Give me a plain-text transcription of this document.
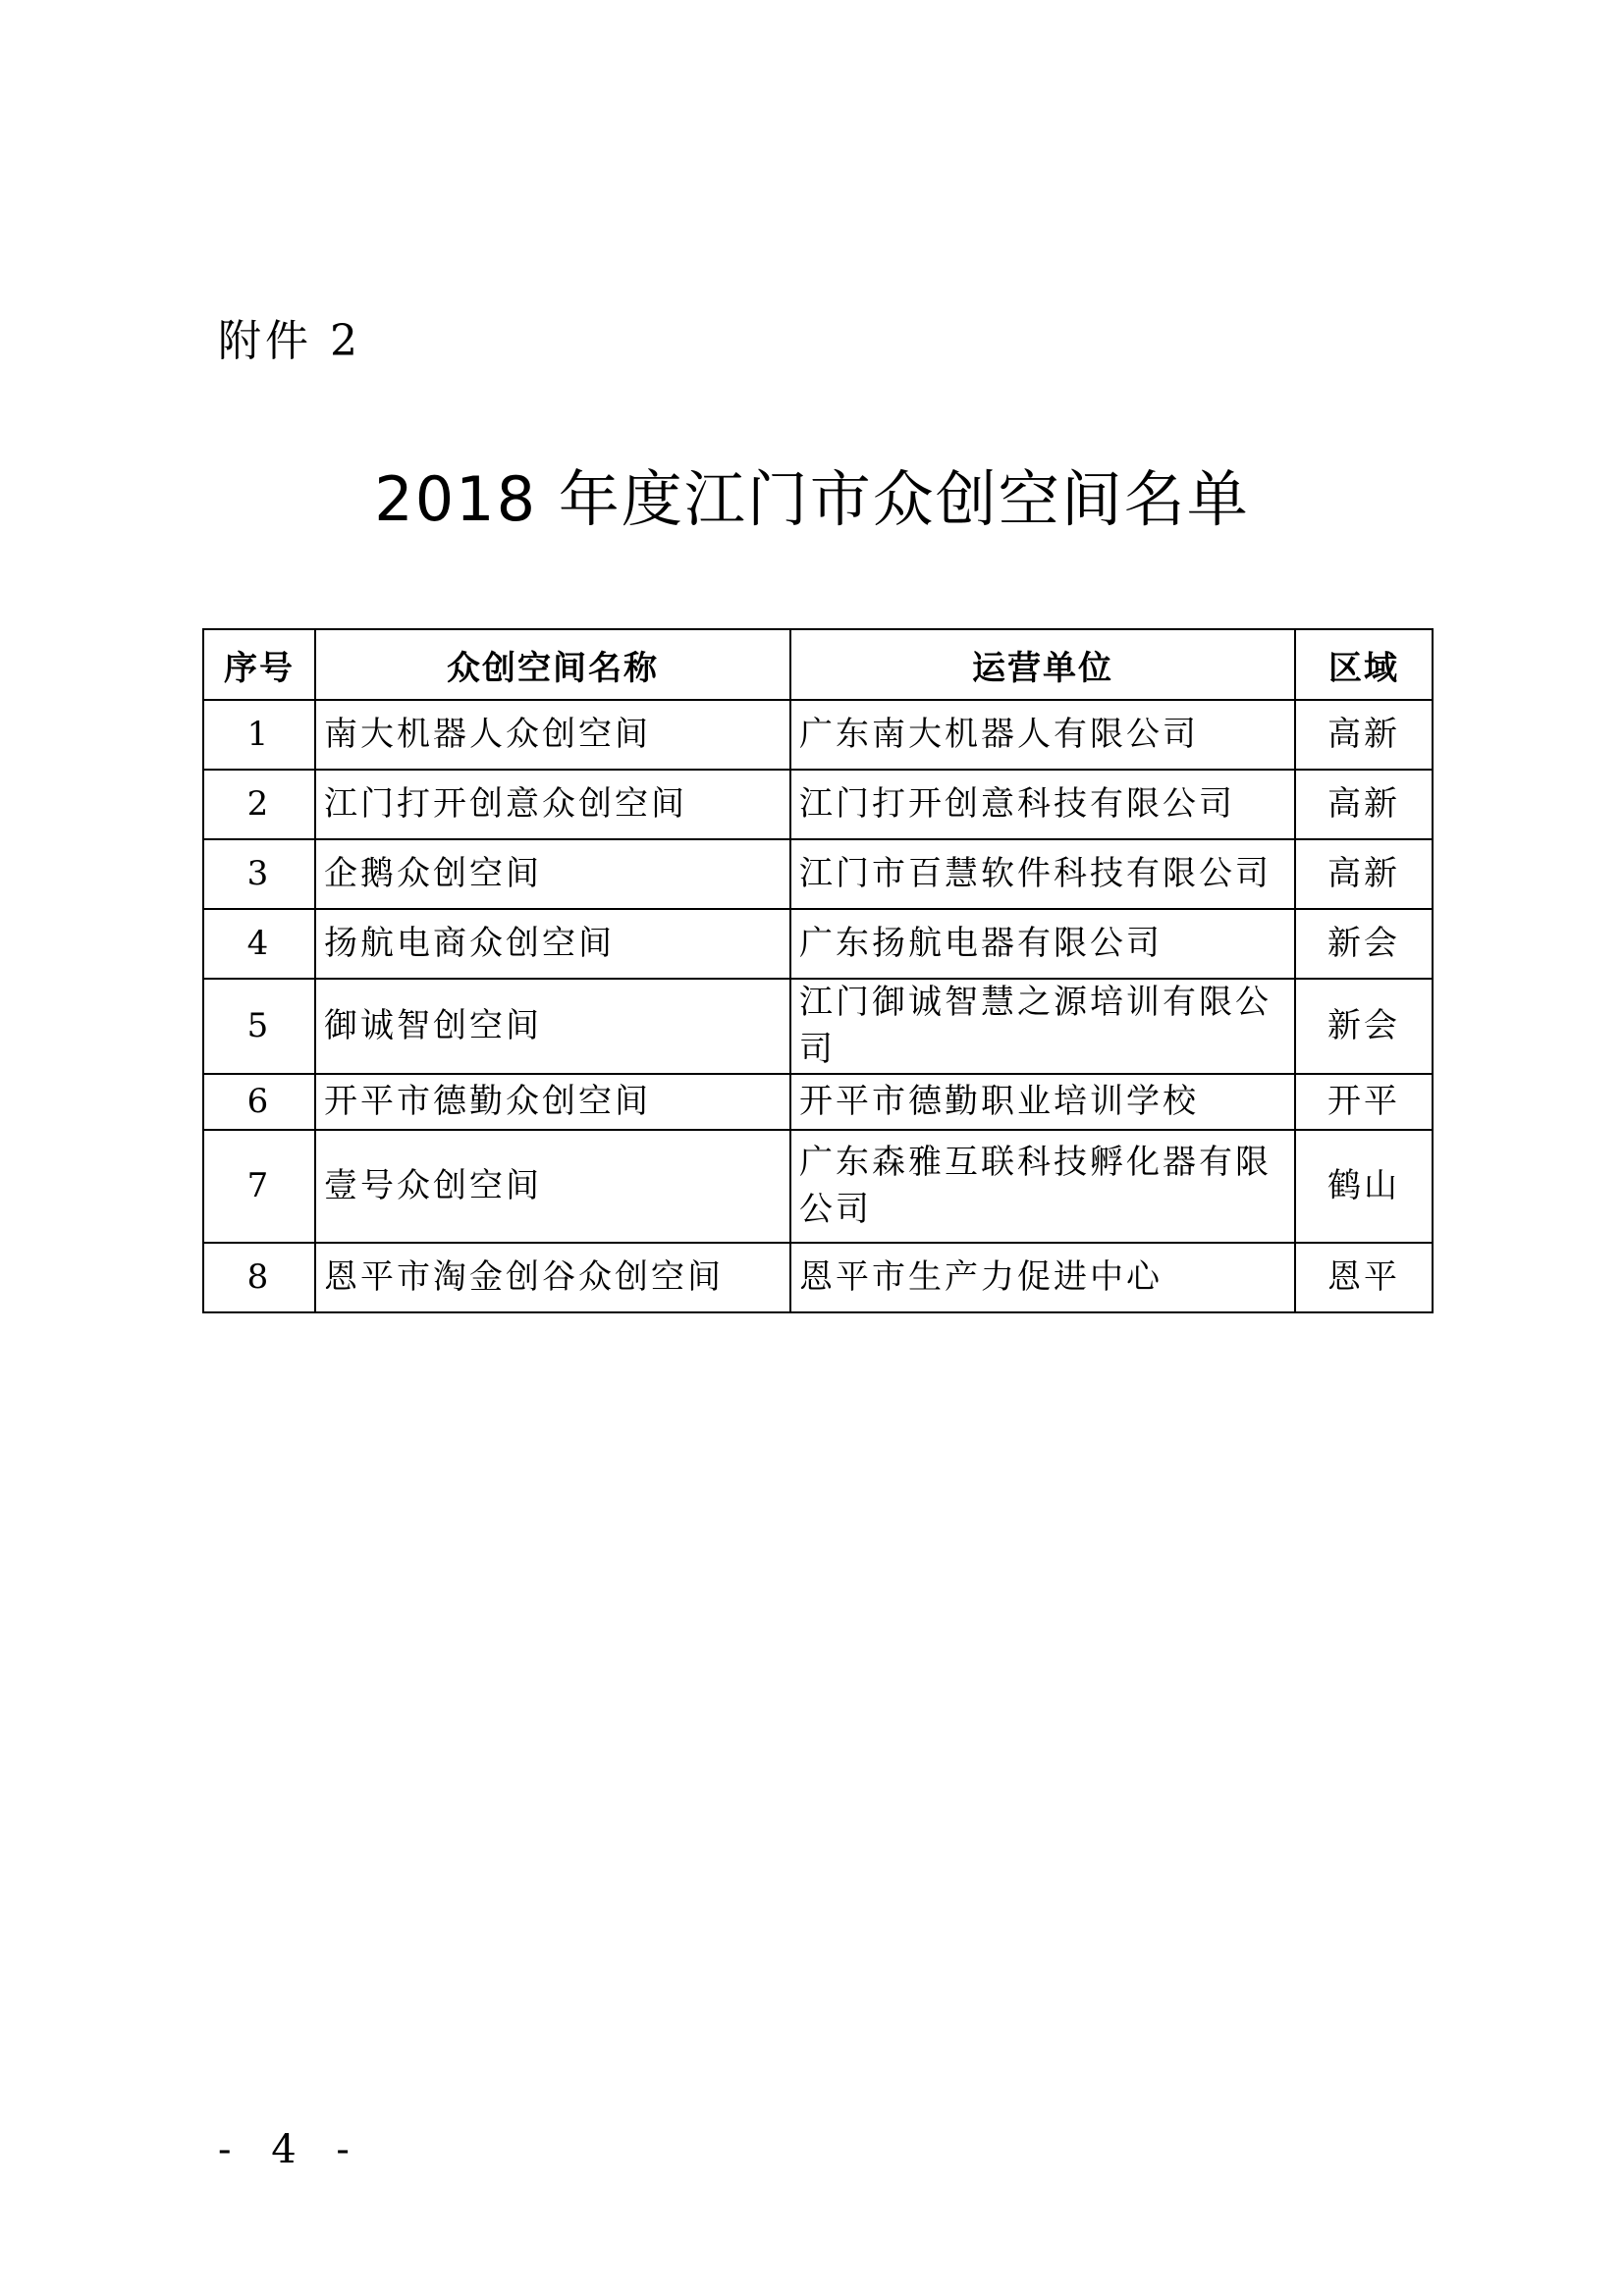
附件 2
2018 年度江门市众创空间名单
序号	众创空间名称	运营单位	区域
1	南大机器人众创空间	广东南大机器人有限公司	高新
2	江门打开创意众创空间	江门打开创意科技有限公司	高新
3	企鹅众创空间	江门市百慧软件科技有限公司	高新
4	扬航电商众创空间	广东扬航电器有限公司	新会
5	御诚智创空间	江门御诚智慧之源培训有限公司	新会
6	开平市德勤众创空间	开平市德勤职业培训学校	开平
7	壹号众创空间	广东森雅互联科技孵化器有限公司	鹤山
8	恩平市淘金创谷众创空间	恩平市生产力促进中心	恩平
- 4 -
